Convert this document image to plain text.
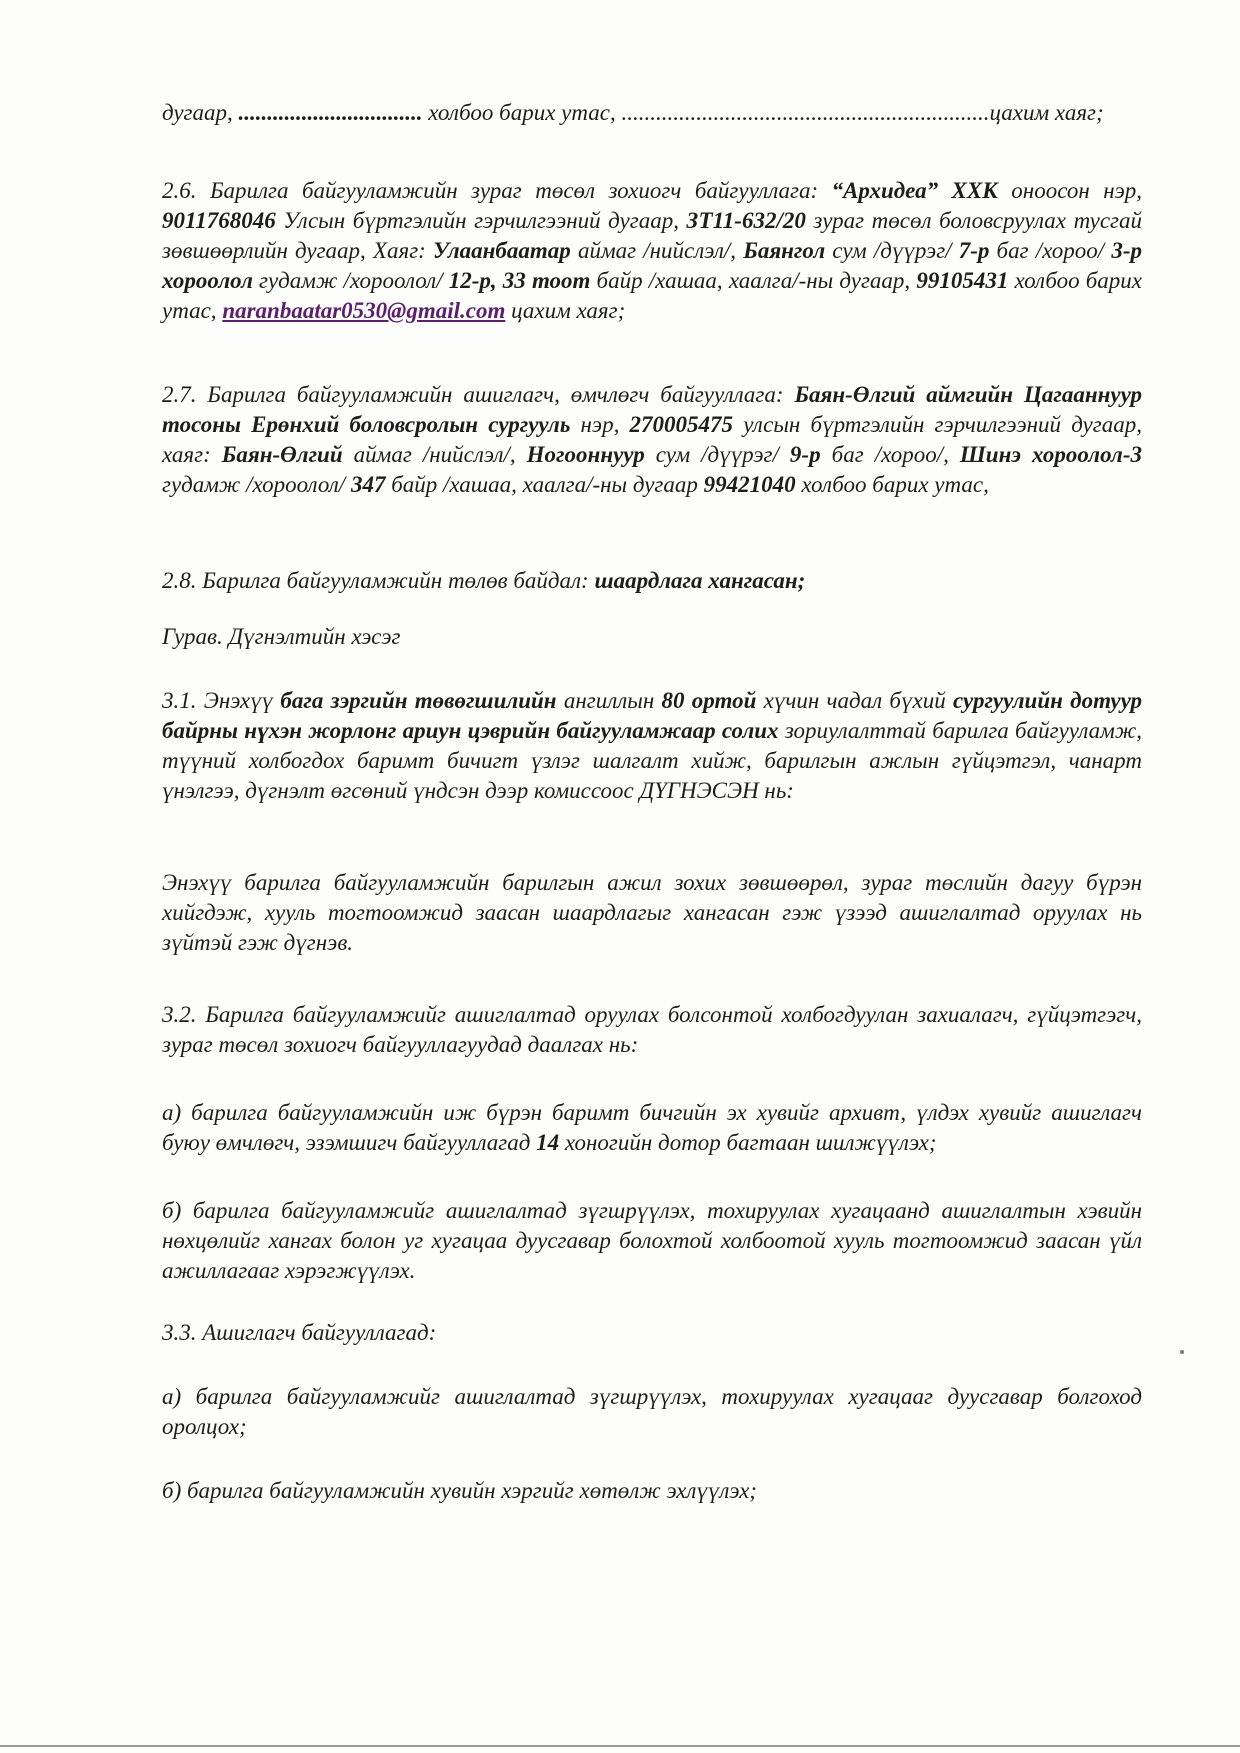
дугаар, ................................ холбоо барих утас, ................................................................цахим хаяг;

2.6. Барилга байгууламжийн зураг төсөл зохиогч байгууллага: “Архидеа” ХХК оноосон нэр, 9011768046 Улсын бүртгэлийн гэрчилгээний дугаар, ЗТ11-632/20 зураг төсөл боловсруулах тусгай зөвшөөрлийн дугаар, Хаяг: Улаанбаатар аймаг /нийслэл/, Баянгол сум /дүүрэг/ 7-р баг /хороо/ 3-р хороолол гудамж /хороолол/ 12-р, 33 тоот байр /хашаа, хаалга/-ны дугаар, 99105431 холбоо барих утас, naranbaatar0530@gmail.com цахим хаяг;

2.7. Барилга байгууламжийн ашиглагч, өмчлөгч байгууллага: Баян-Өлгий аймгийн Цагааннуур тосоны Ерөнхий боловсролын сургууль нэр, 270005475 улсын бүртгэлийн гэрчилгээний дугаар, хаяг: Баян-Өлгий аймаг /нийслэл/, Ногооннуур сум /дүүрэг/ 9-р баг /хороо/, Шинэ хороолол-3 гудамж /хороолол/ 347 байр /хашаа, хаалга/-ны дугаар 99421040 холбоо барих утас,

2.8. Барилга байгууламжийн төлөв байдал: шаардлага хангасан;

Гурав. Дүгнэлтийн хэсэг

3.1. Энэхүү бага зэргийн төвөгшилийн ангиллын 80 ортой хүчин чадал бүхий сургуулийн дотуур байрны нүхэн жорлонг ариун цэврийн байгууламжаар солих зориулалттай барилга байгууламж, түүний холбогдох баримт бичигт үзлэг шалгалт хийж, барилгын ажлын гүйцэтгэл, чанарт үнэлгээ, дүгнэлт өгсөний үндсэн дээр комиссоос ДҮГНЭСЭН нь:

Энэхүү барилга байгууламжийн барилгын ажил зохих зөвшөөрөл, зураг төслийн дагуу бүрэн хийгдэж, хууль тогтоомжид заасан шаардлагыг хангасан гэж үзээд ашиглалтад оруулах нь зүйтэй гэж дүгнэв.

3.2. Барилга байгууламжийг ашиглалтад оруулах болсонтой холбогдуулан захиалагч, гүйцэтгэгч, зураг төсөл зохиогч байгууллагуудад даалгах нь:

а) барилга байгууламжийн иж бүрэн баримт бичгийн эх хувийг архивт, үлдэх хувийг ашиглагч буюу өмчлөгч, эзэмшигч байгууллагад 14 хоногийн дотор багтаан шилжүүлэх;

б) барилга байгууламжийг ашиглалтад зүгшрүүлэх, тохируулах хугацаанд ашиглалтын хэвийн нөхцөлийг хангах болон уг хугацаа дуусгавар болохтой холбоотой хууль тогтоомжид заасан үйл ажиллагааг хэрэгжүүлэх.

3.3. Ашиглагч байгууллагад:

а) барилга байгууламжийг ашиглалтад зүгшрүүлэх, тохируулах хугацааг дуусгавар болгоход оролцох;

б) барилга байгууламжийн хувийн хэргийг хөтөлж эхлүүлэх;
